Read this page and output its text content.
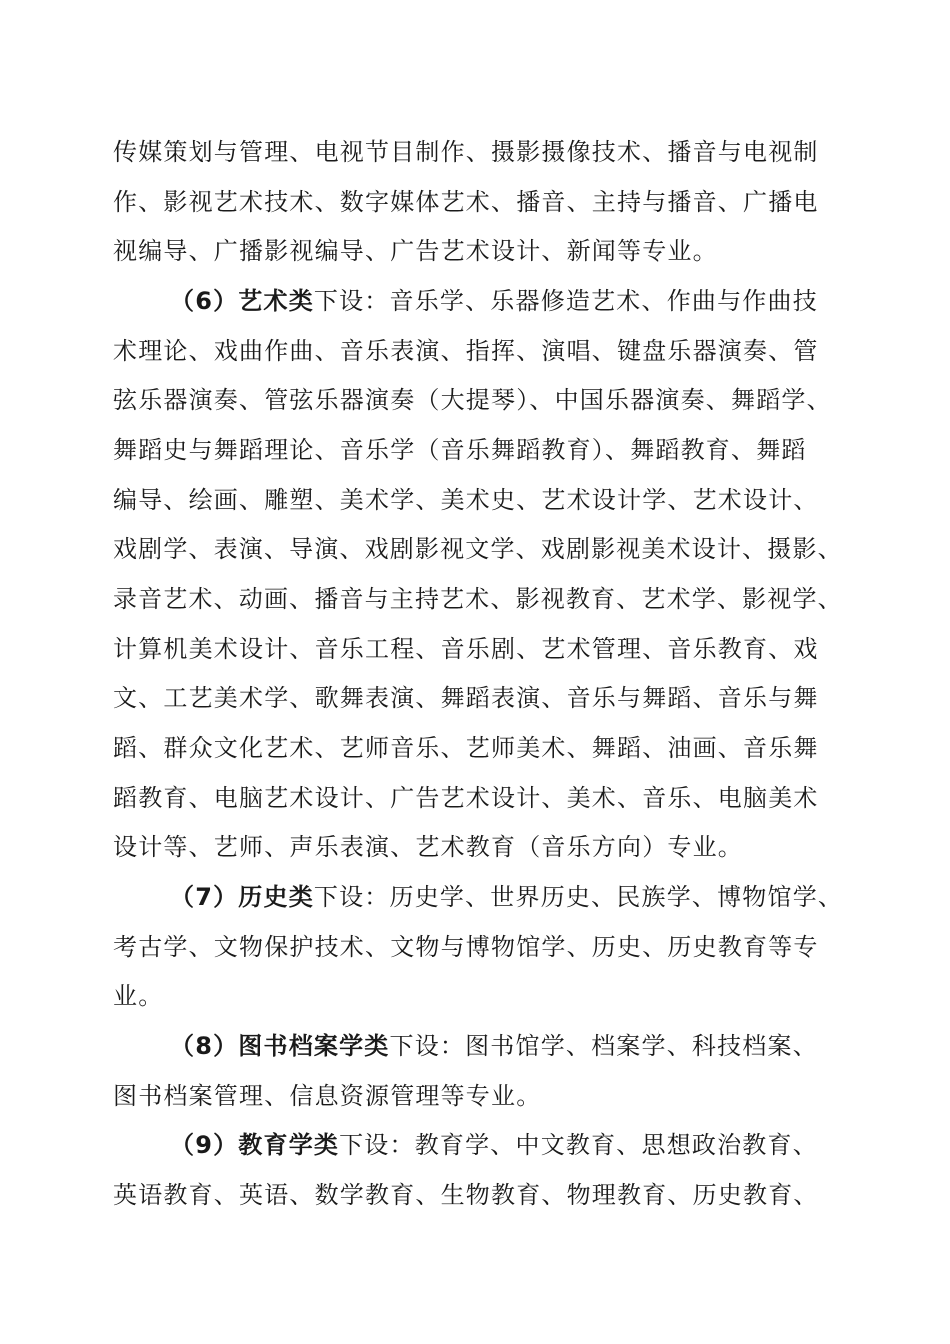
传媒策划与管理、电视节目制作、摄影摄像技术、播音与电视制
作、影视艺术技术、数字媒体艺术、播音、主持与播音、广播电
视编导、广播影视编导、广告艺术设计、新闻等专业。
（6）艺术类下设：音乐学、乐器修造艺术、作曲与作曲技
术理论、戏曲作曲、音乐表演、指挥、演唱、键盘乐器演奏、管
弦乐器演奏、管弦乐器演奏（大提琴）、中国乐器演奏、舞蹈学、
舞蹈史与舞蹈理论、音乐学（音乐舞蹈教育）、舞蹈教育、舞蹈
编导、绘画、雕塑、美术学、美术史、艺术设计学、艺术设计、
戏剧学、表演、导演、戏剧影视文学、戏剧影视美术设计、摄影、
录音艺术、动画、播音与主持艺术、影视教育、艺术学、影视学、
计算机美术设计、音乐工程、音乐剧、艺术管理、音乐教育、戏
文、工艺美术学、歌舞表演、舞蹈表演、音乐与舞蹈、音乐与舞
蹈、群众文化艺术、艺师音乐、艺师美术、舞蹈、油画、音乐舞
蹈教育、电脑艺术设计、广告艺术设计、美术、音乐、电脑美术
设计等、艺师、声乐表演、艺术教育（音乐方向）专业。
（7）历史类下设：历史学、世界历史、民族学、博物馆学、
考古学、文物保护技术、文物与博物馆学、历史、历史教育等专
业。
（8）图书档案学类下设：图书馆学、档案学、科技档案、
图书档案管理、信息资源管理等专业。
（9）教育学类下设：教育学、中文教育、思想政治教育、
英语教育、英语、数学教育、生物教育、物理教育、历史教育、
